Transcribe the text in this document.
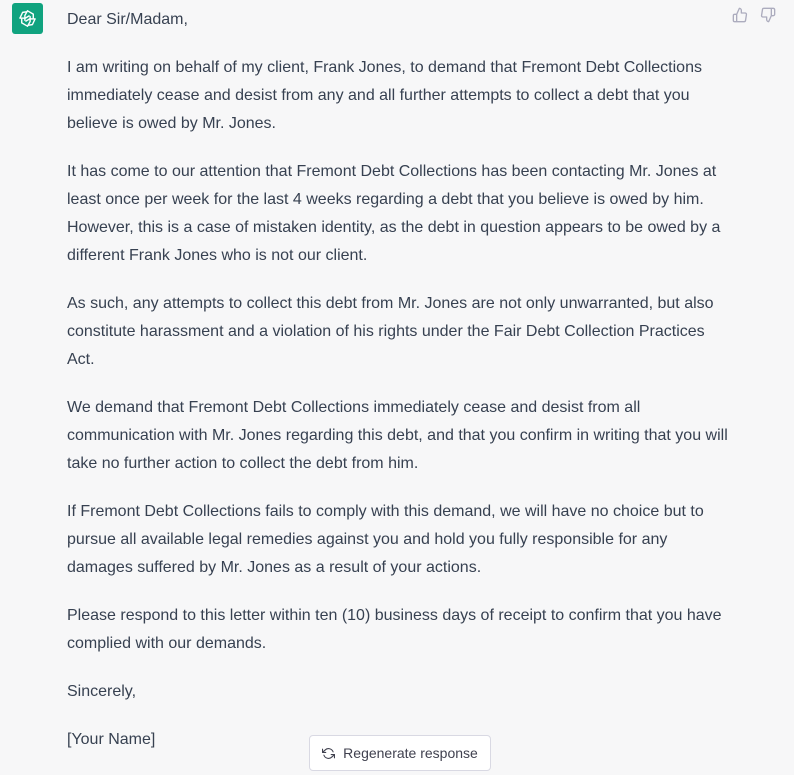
Dear Sir/Madam,

I am writing on behalf of my client, Frank Jones, to demand that Fremont Debt Collections immediately cease and desist from any and all further attempts to collect a debt that you believe is owed by Mr. Jones.

It has come to our attention that Fremont Debt Collections has been contacting Mr. Jones at least once per week for the last 4 weeks regarding a debt that you believe is owed by him. However, this is a case of mistaken identity, as the debt in question appears to be owed by a different Frank Jones who is not our client.

As such, any attempts to collect this debt from Mr. Jones are not only unwarranted, but also constitute harassment and a violation of his rights under the Fair Debt Collection Practices Act.

We demand that Fremont Debt Collections immediately cease and desist from all communication with Mr. Jones regarding this debt, and that you confirm in writing that you will take no further action to collect the debt from him.

If Fremont Debt Collections fails to comply with this demand, we will have no choice but to pursue all available legal remedies against you and hold you fully responsible for any damages suffered by Mr. Jones as a result of your actions.

Please respond to this letter within ten (10) business days of receipt to confirm that you have complied with our demands.

Sincerely,

[Your Name]

Regenerate response
